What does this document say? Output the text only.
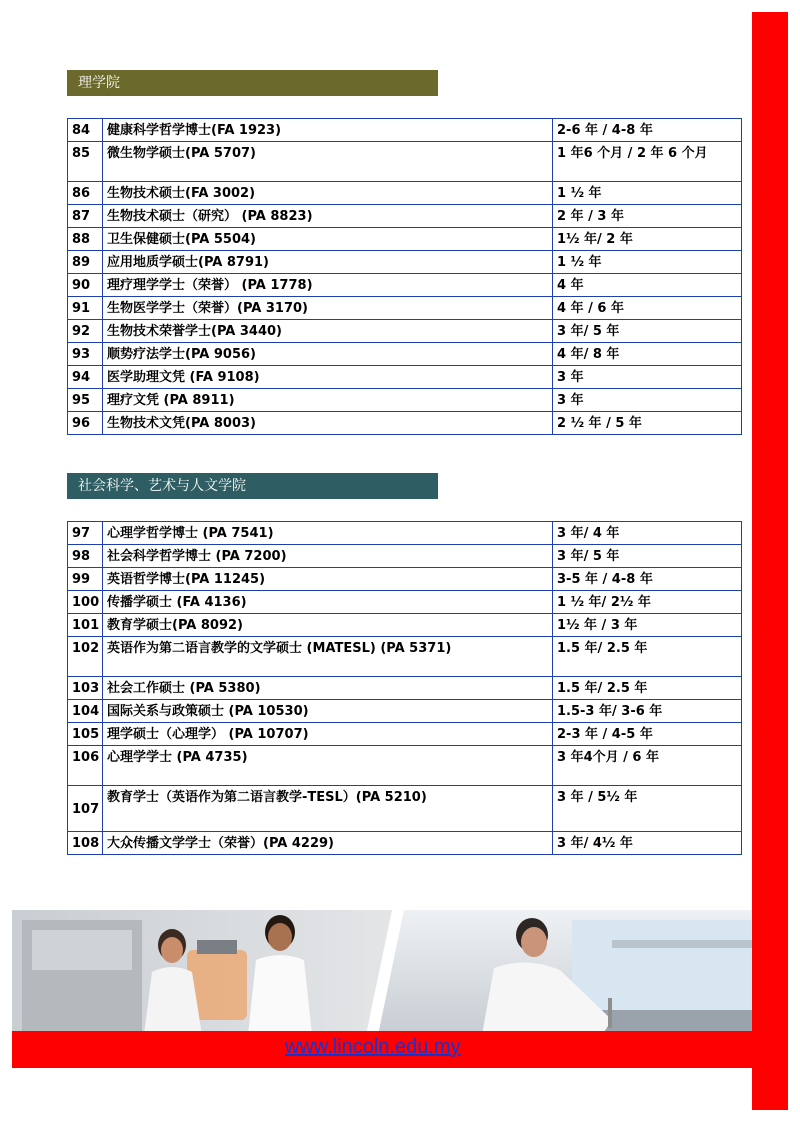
理学院
84	健康科学哲学博士(FA 1923)	2-6 年 / 4-8 年
85	微生物学硕士(PA 5707)	1 年6 个月 / 2 年 6 个月
86	生物技术硕士(FA 3002)	1 ½ 年
87	生物技术硕士（研究） (PA 8823)	2 年 / 3 年
88	卫生保健硕士(PA 5504)	1½ 年/ 2 年
89	应用地质学硕士(PA 8791)	1 ½ 年
90	理疗理学学士（荣誉） (PA 1778)	4 年
91	生物医学学士（荣誉）(PA 3170)	4 年 / 6 年
92	生物技术荣誉学士(PA 3440)	3 年/ 5 年
93	顺势疗法学士(PA 9056)	4 年/ 8 年
94	医学助理文凭 (FA 9108)	3 年
95	理疗文凭 (PA 8911)	3 年
96	生物技术文凭(PA 8003)	2 ½ 年 / 5 年
社会科学、艺术与人文学院
97	心理学哲学博士 (PA 7541)	3 年/ 4 年
98	社会科学哲学博士 (PA 7200)	3 年/ 5 年
99	英语哲学博士(PA 11245)	3-5 年 / 4-8 年
100	传播学硕士 (FA 4136)	1 ½ 年/ 2½ 年
101	教育学硕士(PA 8092)	1½ 年 / 3 年
102	英语作为第二语言教学的文学硕士 (MATESL) (PA 5371)	1.5 年/ 2.5 年
103	社会工作硕士 (PA 5380)	1.5 年/ 2.5 年
104	国际关系与政策硕士 (PA 10530)	1.5-3 年/ 3-6 年
105	理学硕士（心理学） (PA 10707)	2-3 年 / 4-5 年
106	心理学学士 (PA 4735)	3 年4个月 / 6 年
107	教育学士（英语作为第二语言教学-TESL）(PA 5210)	3 年 / 5½ 年
108	大众传播文学学士（荣誉）(PA 4229)	3 年/ 4½ 年
www.lincoln.edu.my
